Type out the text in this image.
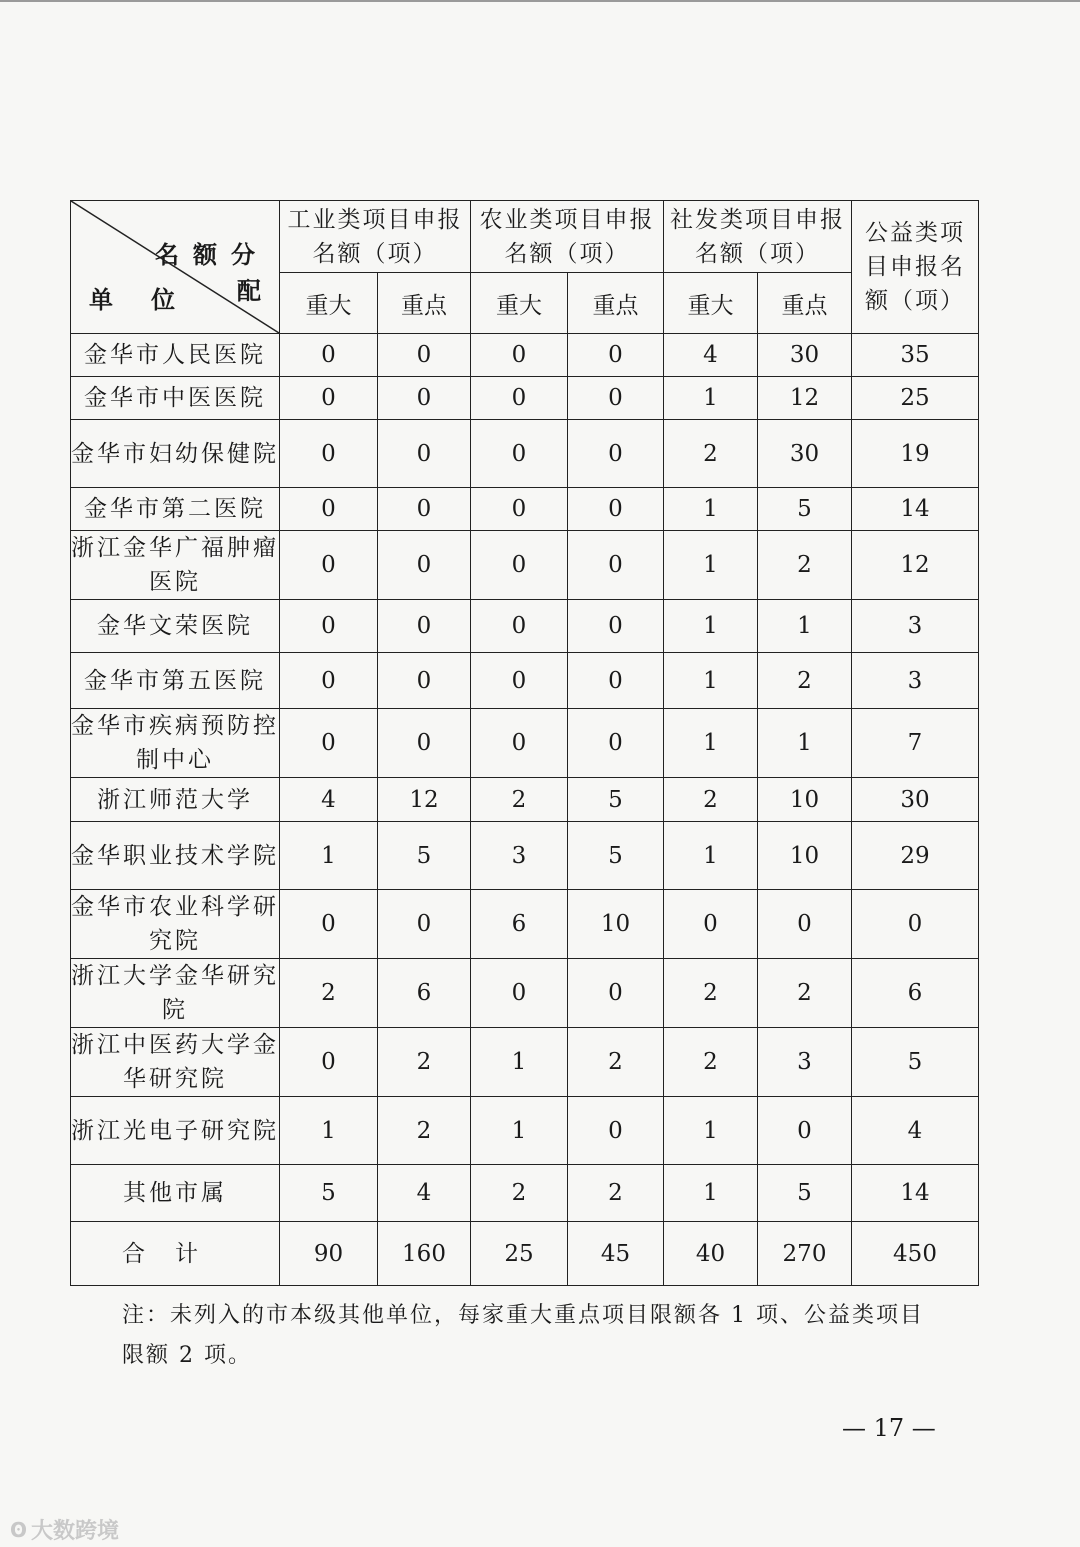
名额分
配
单位	工业类项目申报名额（项）		农业类项目申报名额（项）		社发类项目申报名额（项）		公益类项目申报名额（项）
	重大	重点	重大	重点	重大	重点	
金华市人民医院	0	0	0	0	4	30	35
金华市中医医院	0	0	0	0	1	12	25
金华市妇幼保健院	0	0	0	0	2	30	19
金华市第二医院	0	0	0	0	1	5	14
浙江金华广福肿瘤医院	0	0	0	0	1	2	12
金华文荣医院	0	0	0	0	1	1	3
金华市第五医院	0	0	0	0	1	2	3
金华市疾病预防控制中心	0	0	0	0	1	1	7
浙江师范大学	4	12	2	5	2	10	30
金华职业技术学院	1	5	3	5	1	10	29
金华市农业科学研究院	0	0	6	10	0	0	0
浙江大学金华研究院	2	6	0	0	2	2	6
浙江中医药大学金华研究院	0	2	1	2	2	3	5
浙江光电子研究院	1	2	1	0	1	0	4
其他市属	5	4	2	2	1	5	14
合计	90	160	25	45	40	270	450
注：未列入的市本级其他单位，每家重大重点项目限额各 1 项、公益类项目限额 2 项。
— 17 —
ʘ 大数跨境
